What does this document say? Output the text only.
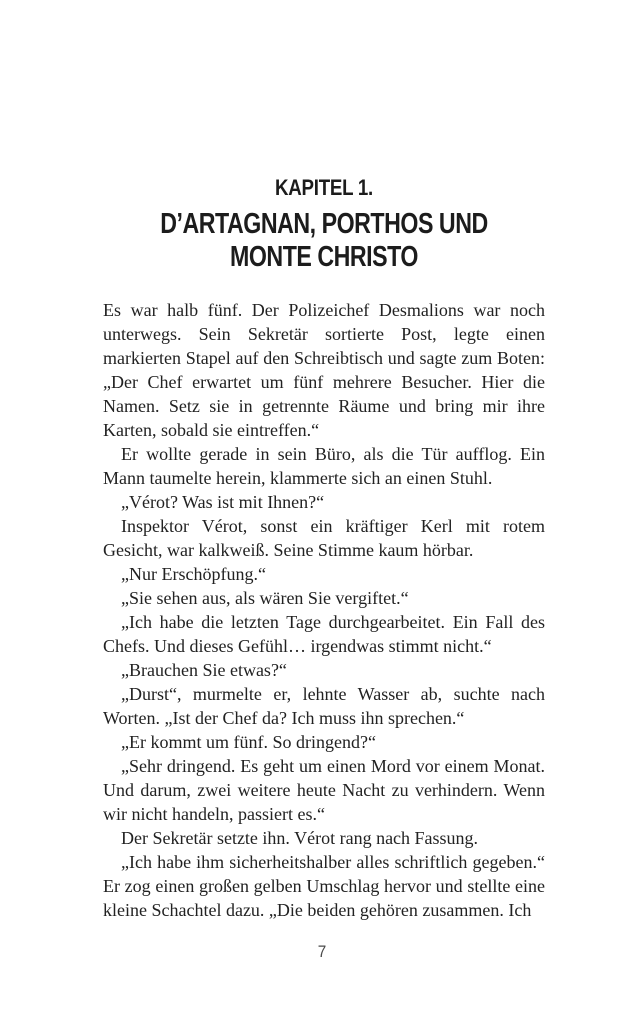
KAPITEL 1.
D’ARTAGNAN, PORTHOS UND
MONTE CHRISTO

Es war halb fünf. Der Polizeichef Desmalions war noch unterwegs. Sein Sekretär sortierte Post, legte einen markierten Stapel auf den Schreibtisch und sagte zum Boten: „Der Chef erwartet um fünf mehrere Besucher. Hier die Namen. Setz sie in getrennte Räume und bring mir ihre Karten, sobald sie eintreffen.“

Er wollte gerade in sein Büro, als die Tür aufflog. Ein Mann taumelte herein, klammerte sich an einen Stuhl.

„Vérot? Was ist mit Ihnen?“

Inspektor Vérot, sonst ein kräftiger Kerl mit rotem Gesicht, war kalkweiß. Seine Stimme kaum hörbar.

„Nur Erschöpfung.“

„Sie sehen aus, als wären Sie vergiftet.“

„Ich habe die letzten Tage durchgearbeitet. Ein Fall des Chefs. Und dieses Gefühl… irgendwas stimmt nicht.“

„Brauchen Sie etwas?“

„Durst“, murmelte er, lehnte Wasser ab, suchte nach Worten. „Ist der Chef da? Ich muss ihn sprechen.“

„Er kommt um fünf. So dringend?“

„Sehr dringend. Es geht um einen Mord vor einem Monat. Und darum, zwei weitere heute Nacht zu verhindern. Wenn wir nicht handeln, passiert es.“

Der Sekretär setzte ihn. Vérot rang nach Fassung.

„Ich habe ihm sicherheitshalber alles schriftlich gegeben.“ Er zog einen großen gelben Umschlag hervor und stellte eine kleine Schachtel dazu. „Die beiden gehören zusammen. Ich

7
